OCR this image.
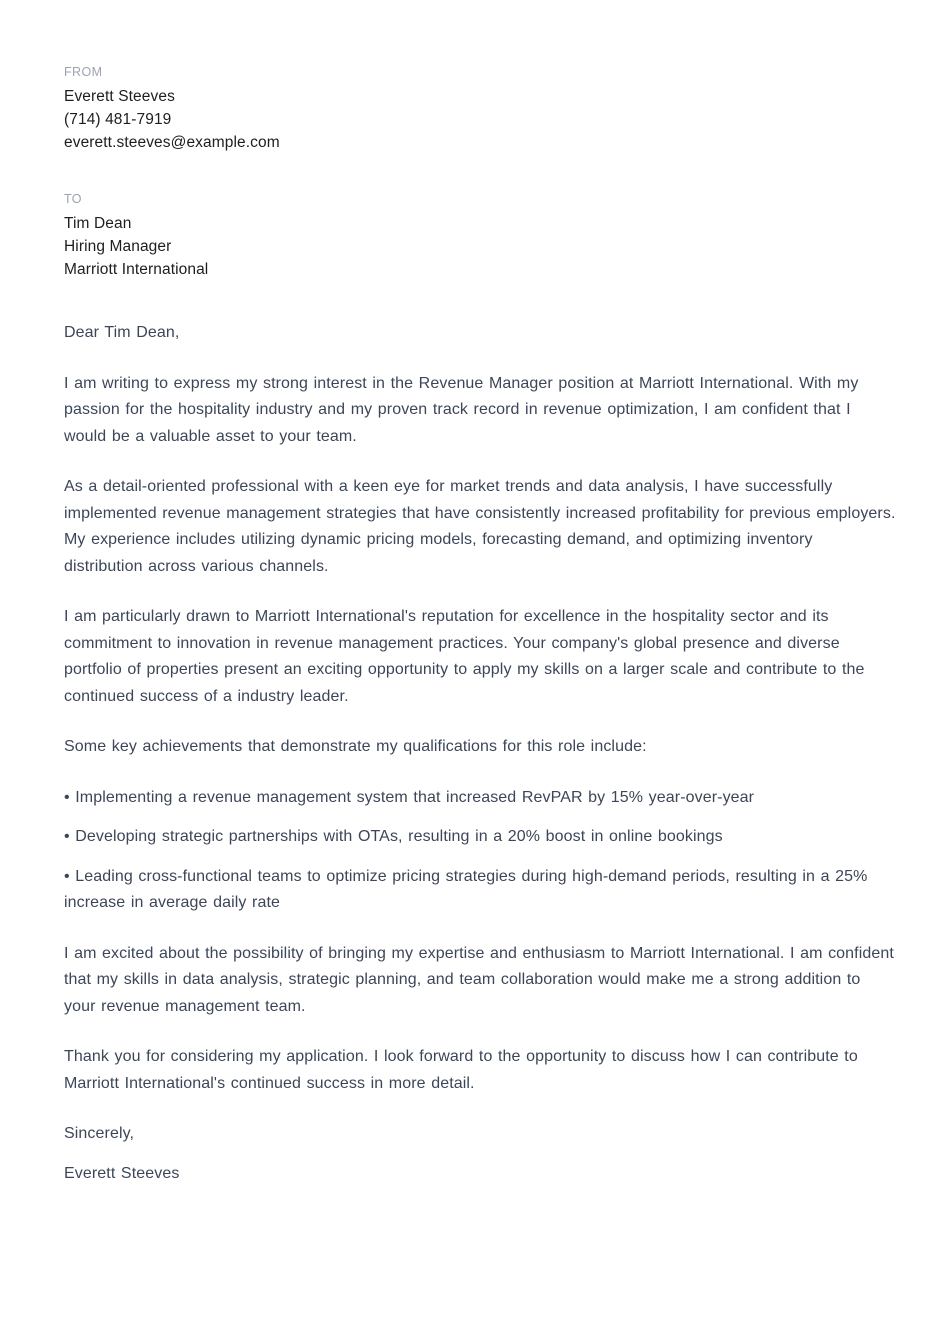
FROM
Everett Steeves
(714) 481-7919
everett.steeves@example.com
TO
Tim Dean
Hiring Manager
Marriott International

Dear Tim Dean,

I am writing to express my strong interest in the Revenue Manager position at Marriott International. With my passion for the hospitality industry and my proven track record in revenue optimization, I am confident that I would be a valuable asset to your team.

As a detail-oriented professional with a keen eye for market trends and data analysis, I have successfully implemented revenue management strategies that have consistently increased profitability for previous employers. My experience includes utilizing dynamic pricing models, forecasting demand, and optimizing inventory distribution across various channels.

I am particularly drawn to Marriott International's reputation for excellence in the hospitality sector and its commitment to innovation in revenue management practices. Your company's global presence and diverse portfolio of properties present an exciting opportunity to apply my skills on a larger scale and contribute to the continued success of a industry leader.

Some key achievements that demonstrate my qualifications for this role include:

• Implementing a revenue management system that increased RevPAR by 15% year-over-year

• Developing strategic partnerships with OTAs, resulting in a 20% boost in online bookings

• Leading cross-functional teams to optimize pricing strategies during high-demand periods, resulting in a 25% increase in average daily rate

I am excited about the possibility of bringing my expertise and enthusiasm to Marriott International. I am confident that my skills in data analysis, strategic planning, and team collaboration would make me a strong addition to your revenue management team.

Thank you for considering my application. I look forward to the opportunity to discuss how I can contribute to Marriott International's continued success in more detail.

Sincerely,

Everett Steeves
